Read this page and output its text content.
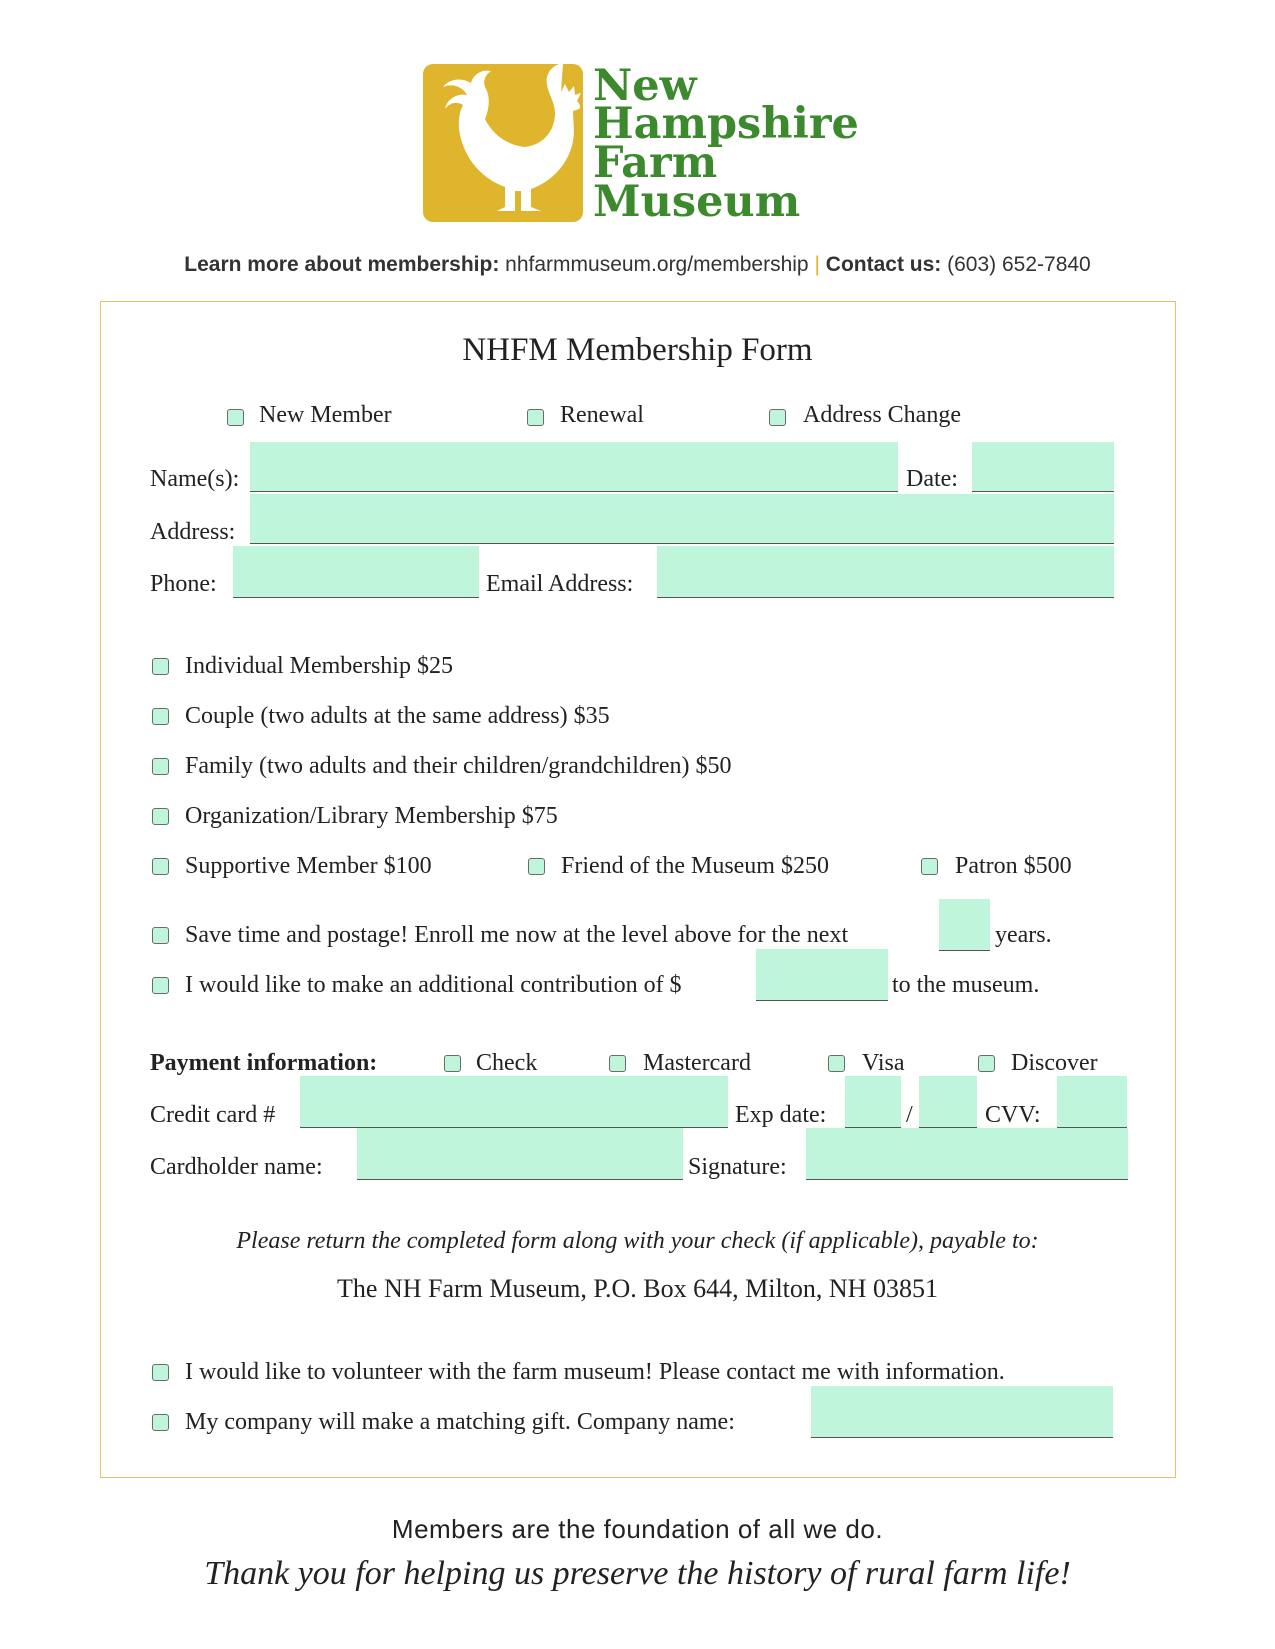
New
Hampshire
Farm
Museum
Learn more about membership: nhfarmmuseum.org/membership | Contact us: (603) 652-7840
NHFM Membership Form
New Member	Renewal	Address Change
Name(s):	Date:
Address:
Phone:	Email Address:
Individual Membership $25
Couple (two adults at the same address) $35
Family (two adults and their children/grandchildren) $50
Organization/Library Membership $75
Supportive Member $100	Friend of the Museum $250	Patron $500
Save time and postage! Enroll me now at the level above for the next	years.
I would like to make an additional contribution of $	to the museum.
Payment information:	Check	Mastercard	Visa	Discover
Credit card #	Exp date:	/	CVV:
Cardholder name:	Signature:
Please return the completed form along with your check (if applicable), payable to:
The NH Farm Museum, P.O. Box 644, Milton, NH 03851
I would like to volunteer with the farm museum! Please contact me with information.
My company will make a matching gift. Company name:
Members are the foundation of all we do.
Thank you for helping us preserve the history of rural farm life!
